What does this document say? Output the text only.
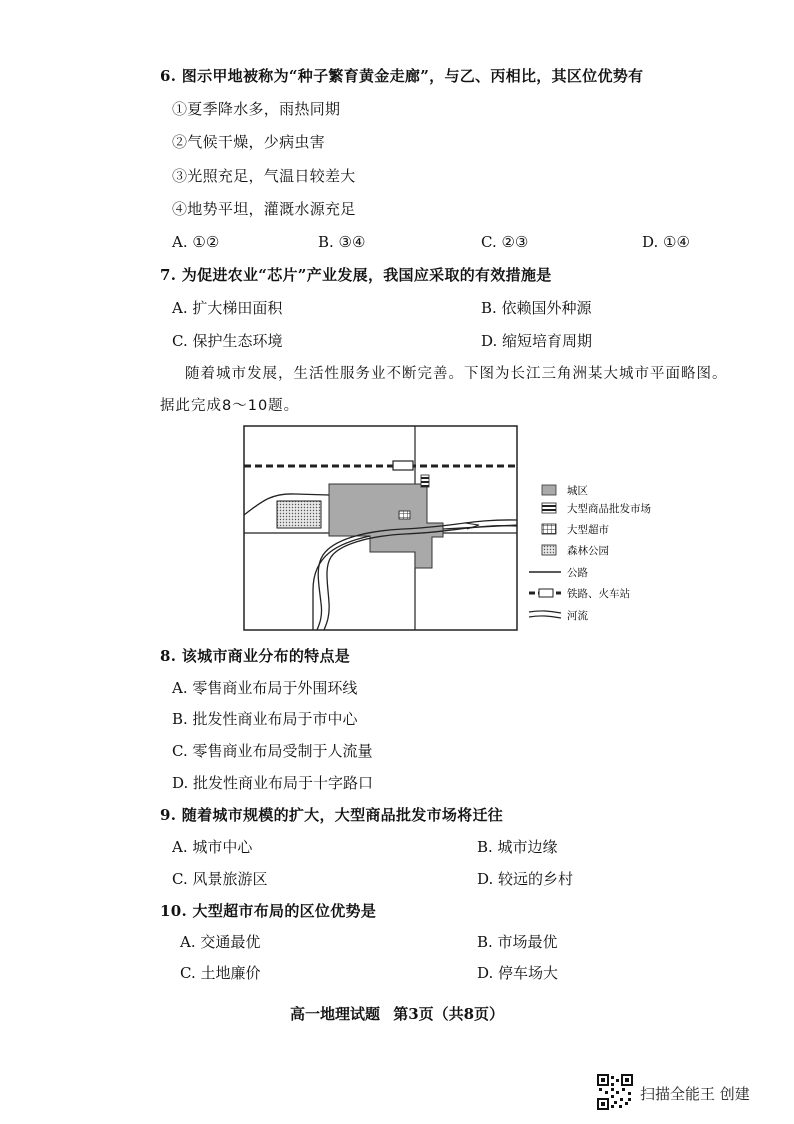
6. 图示甲地被称为“种子繁育黄金走廊”，与乙、丙相比，其区位优势有
①夏季降水多，雨热同期
②气候干燥，少病虫害
③光照充足，气温日较差大
④地势平坦，灌溉水源充足
A. ①②	B. ③④	C. ②③	D. ①④
7. 为促进农业“芯片”产业发展，我国应采取的有效措施是
A. 扩大梯田面积	B. 依赖国外种源
C. 保护生态环境	D. 缩短培育周期
随着城市发展，生活性服务业不断完善。下图为长江三角洲某大城市平面略图。
据此完成8～10题。
城区
大型商品批发市场
大型超市
森林公园
公路
铁路、火车站
河流
8. 该城市商业分布的特点是
A. 零售商业布局于外围环线
B. 批发性商业布局于市中心
C. 零售商业布局受制于人流量
D. 批发性商业布局于十字路口
9. 随着城市规模的扩大，大型商品批发市场将迁往
A. 城市中心	B. 城市边缘
C. 风景旅游区	D. 较远的乡村
10. 大型超市布局的区位优势是
A. 交通最优	B. 市场最优
C. 土地廉价	D. 停车场大
高一地理试题 第3页（共8页）
扫描全能王 创建
